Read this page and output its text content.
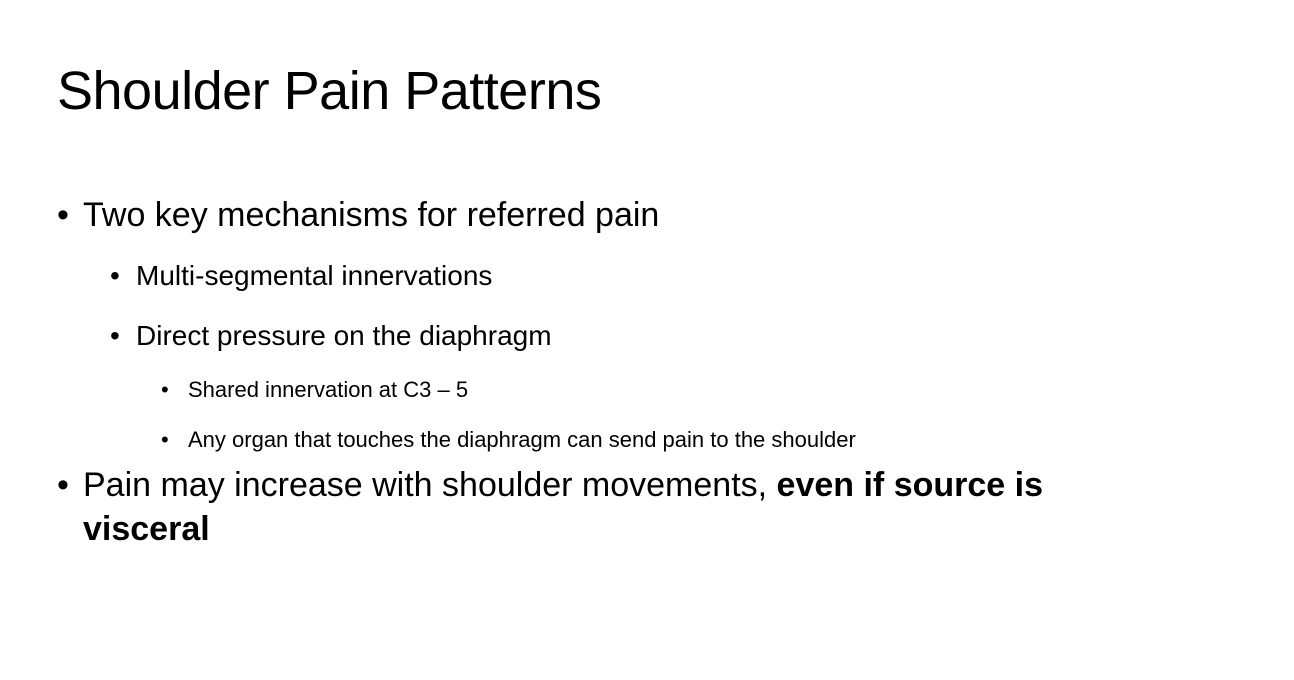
Shoulder Pain Patterns
• Two key mechanisms for referred pain
• Multi-segmental innervations
• Direct pressure on the diaphragm
• Shared innervation at C3 – 5
• Any organ that touches the diaphragm can send pain to the shoulder
• Pain may increase with shoulder movements, even if source is visceral
